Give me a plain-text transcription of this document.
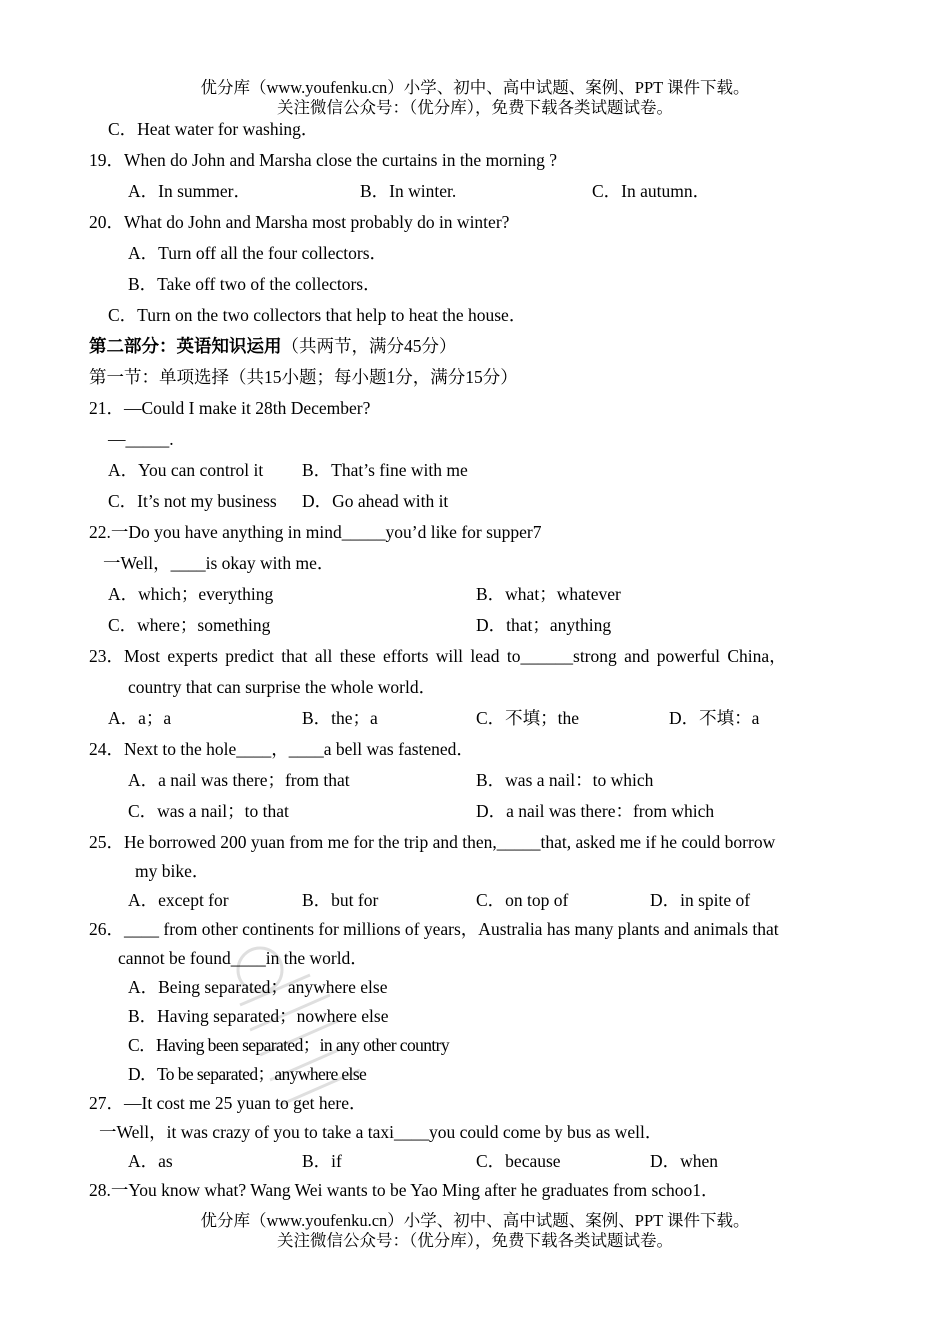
优分库（www.youfenku.cn）小学、初中、高中试题、案例、PPT 课件下载。
关注微信公众号：（优分库），免费下载各类试题试卷。
C．Heat water for washing．
19．When do John and Marsha close the curtains in the morning ?
A．In summer．	B．In winter.	C．In autumn．
20．What do John and Marsha most probably do in winter?
A．Turn off all the four collectors．
B．Take off two of the collectors．
C．Turn on the two collectors that help to heat the house．
第二部分：英语知识运用（共两节，满分45分）
第一节：单项选择（共15小题；每小题1分，满分15分）
21．—Could I make it 28th December?
—_____.
A．You can control it B．That’s fine with me
C．It’s not my business D．Go ahead with it
22.一Do you have anything in mind_____you’d like for supper7
一Well，____is okay with me．
A．which；everything	B．what；whatever
C．where；something	D．that；anything
23．Most experts predict that all these efforts will lead to______strong and powerful China，
country that can surprise the whole world．
A．a；a	B．the；a	C．不填；the	D．不填：a
24．Next to the hole____，____a bell was fastened．
A．a nail was there；from that	B．was a nail：to which
C．was a nail；to that	D．a nail was there：from which
25．He borrowed 200 yuan from me for the trip and then,_____that, asked me if he could borrow
my bike．
A．except for	B．but for	C．on top of	D．in spite of
26．____ from other continents for millions of years，Australia has many plants and animals that
cannot be found____in the world．
A．Being separated；anywhere else
B．Having separated；nowhere else
C．Having been separated；in any other country
D．To be separated；anywhere else
27．—It cost me 25 yuan to get here．
一Well，it was crazy of you to take a taxi____you could come by bus as well．
A．as	B．if	C．because	D．when
28.一You know what? Wang Wei wants to be Yao Ming after he graduates from schoo1．
优分库（www.youfenku.cn）小学、初中、高中试题、案例、PPT 课件下载。
关注微信公众号：（优分库），免费下载各类试题试卷。
